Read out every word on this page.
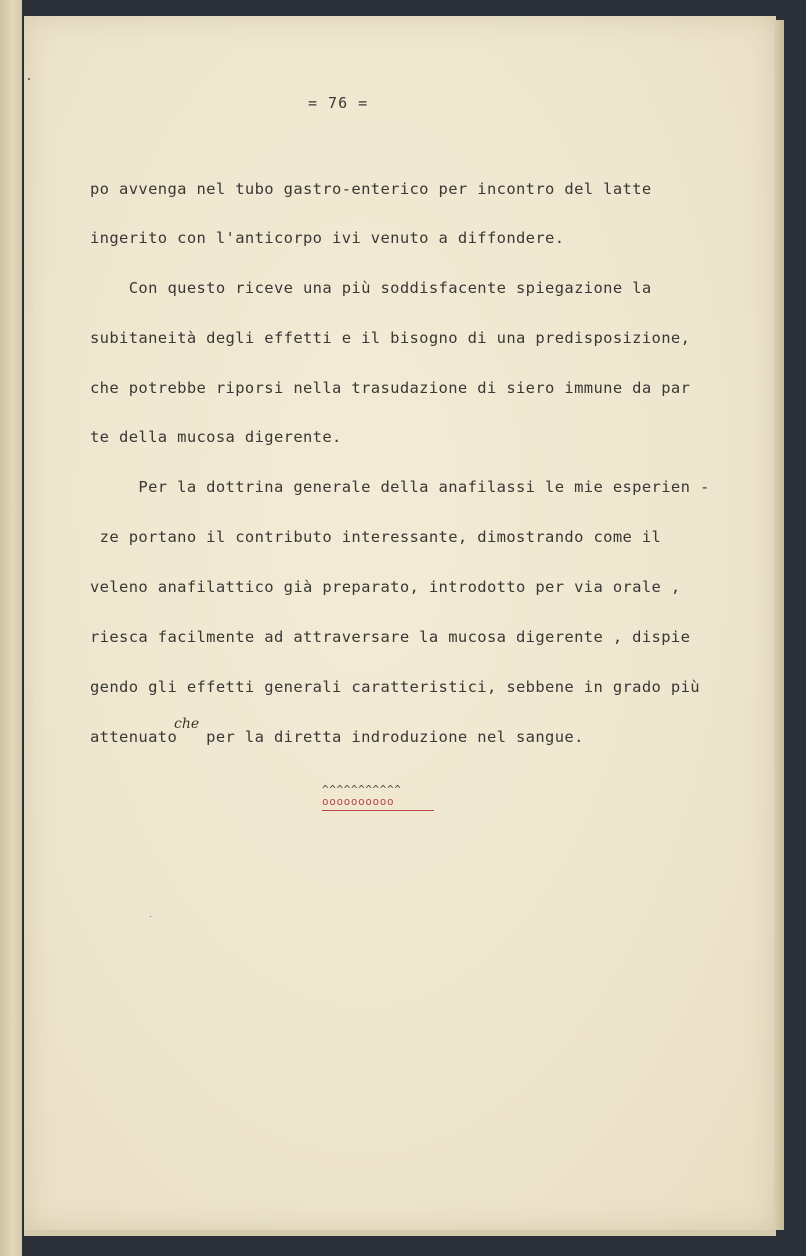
= 76 =
po avvenga nel tubo gastro-enterico per incontro del latte
ingerito con l'anticorpo ivi venuto a diffondere.
Con questo riceve una più soddisfacente spiegazione la
subitaneità degli effetti e il bisogno di una predisposizione,
che potrebbe riporsi nella trasudazione di siero immune da par
te della mucosa digerente.
Per la dottrina generale della anafilassi le mie esperien -
ze portano il contributo interessante, dimostrando come il
veleno anafilattico già preparato, introdotto per via orale ,
riesca facilmente ad attraversare la mucosa digerente , dispie
gendo gli effetti generali caratteristici, sebbene in grado più
attenuato   per la diretta indroduzione nel sangue.
che
^^^^^^^^^^^
oooooooooo
